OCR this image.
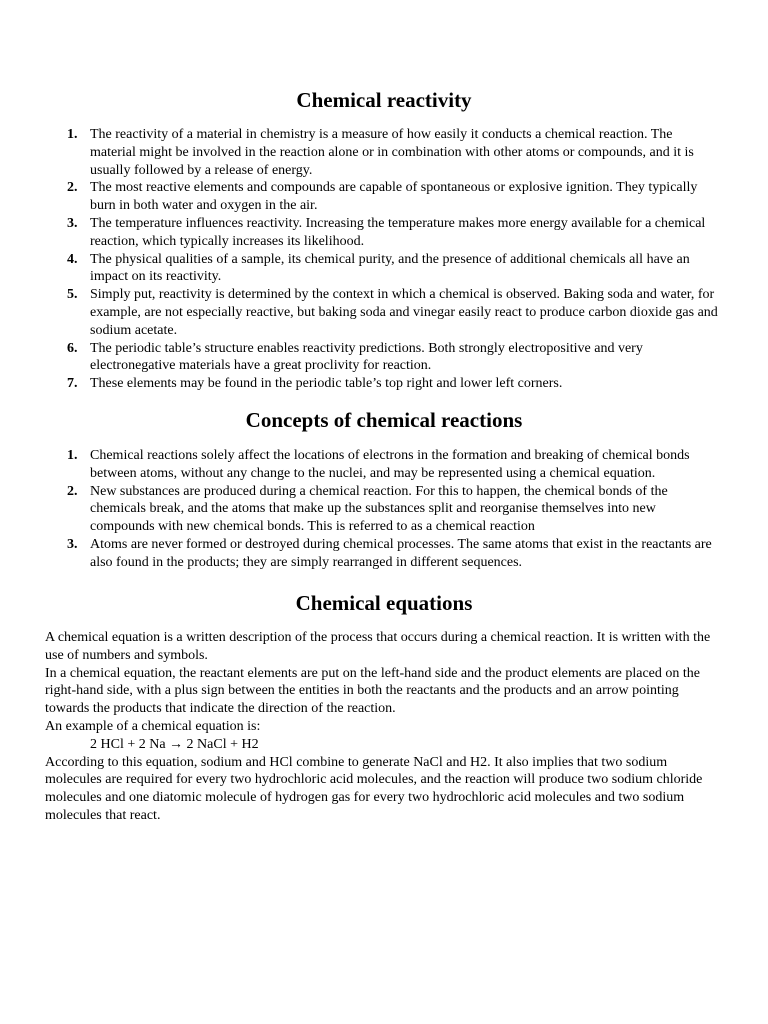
Chemical reactivity
1. The reactivity of a material in chemistry is a measure of how easily it conducts a chemical reaction. The material might be involved in the reaction alone or in combination with other atoms or compounds, and it is usually followed by a release of energy.
2. The most reactive elements and compounds are capable of spontaneous or explosive ignition. They typically burn in both water and oxygen in the air.
3. The temperature influences reactivity. Increasing the temperature makes more energy available for a chemical reaction, which typically increases its likelihood.
4. The physical qualities of a sample, its chemical purity, and the presence of additional chemicals all have an impact on its reactivity.
5. Simply put, reactivity is determined by the context in which a chemical is observed. Baking soda and water, for example, are not especially reactive, but baking soda and vinegar easily react to produce carbon dioxide gas and sodium acetate.
6. The periodic table’s structure enables reactivity predictions. Both strongly electropositive and very electronegative materials have a great proclivity for reaction.
7. These elements may be found in the periodic table’s top right and lower left corners.
Concepts of chemical reactions
1. Chemical reactions solely affect the locations of electrons in the formation and breaking of chemical bonds between atoms, without any change to the nuclei, and may be represented using a chemical equation.
2. New substances are produced during a chemical reaction. For this to happen, the chemical bonds of the chemicals break, and the atoms that make up the substances split and reorganise themselves into new compounds with new chemical bonds. This is referred to as a chemical reaction
3. Atoms are never formed or destroyed during chemical processes. The same atoms that exist in the reactants are also found in the products; they are simply rearranged in different sequences.
Chemical equations

A chemical equation is a written description of the process that occurs during a chemical reaction. It is written with the use of numbers and symbols.

In a chemical equation, the reactant elements are put on the left-hand side and the product elements are placed on the right-hand side, with a plus sign between the entities in both the reactants and the products and an arrow pointing towards the products that indicate the direction of the reaction.

An example of a chemical equation is:

2 HCl + 2 Na → 2 NaCl + H2

According to this equation, sodium and HCl combine to generate NaCl and H2. It also implies that two sodium molecules are required for every two hydrochloric acid molecules, and the reaction will produce two sodium chloride molecules and one diatomic molecule of hydrogen gas for every two hydrochloric acid molecules and two sodium molecules that react.
